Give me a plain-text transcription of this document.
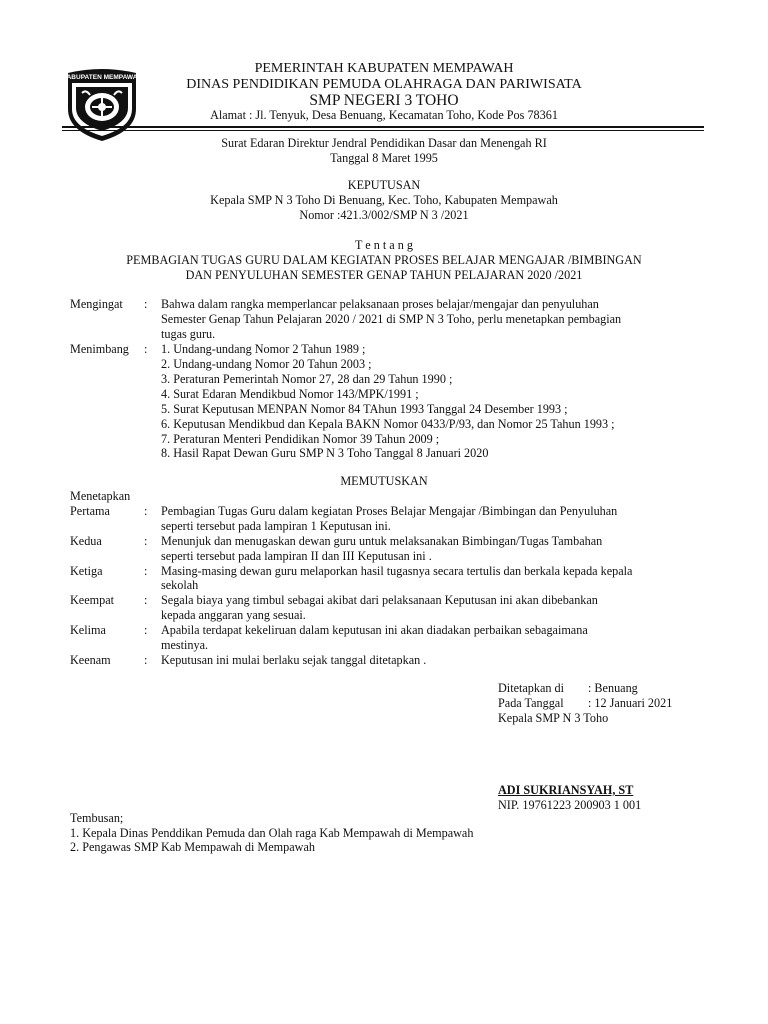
KABUPATEN MEMPAWAH
PEMERINTAH KABUPATEN MEMPAWAH
DINAS PENDIDIKAN PEMUDA OLAHRAGA DAN PARIWISATA
SMP NEGERI 3 TOHO
Alamat : Jl. Tenyuk, Desa Benuang, Kecamatan Toho, Kode Pos 78361
Surat Edaran Direktur Jendral Pendidikan Dasar dan Menengah RI
Tanggal 8 Maret 1995
KEPUTUSAN
Kepala SMP N 3 Toho Di Benuang, Kec. Toho, Kabupaten Mempawah
Nomor :421.3/002/SMP N 3 /2021
T e n t a n g
PEMBAGIAN TUGAS GURU DALAM KEGIATAN PROSES BELAJAR MENGAJAR /BIMBINGAN
DAN PENYULUHAN SEMESTER GENAP TAHUN PELAJARAN 2020 /2021
Mengingat : Bahwa dalam rangka memperlancar pelaksanaan proses belajar/mengajar dan penyuluhan
Semester Genap Tahun Pelajaran 2020 / 2021 di SMP N 3 Toho, perlu menetapkan pembagian
tugas guru.
Menimbang : 1. Undang-undang Nomor 2 Tahun 1989 ;
2. Undang-undang Nomor 20 Tahun 2003 ;
3. Peraturan Pemerintah Nomor 27, 28 dan 29 Tahun 1990 ;
4. Surat Edaran Mendikbud Nomor 143/MPK/1991 ;
5. Surat Keputusan MENPAN Nomor 84 TAhun 1993 Tanggal 24 Desember 1993 ;
6. Keputusan Mendikbud dan Kepala BAKN Nomor 0433/P/93, dan Nomor 25 Tahun 1993 ;
7. Peraturan Menteri Pendidikan Nomor 39 Tahun 2009 ;
8. Hasil Rapat Dewan Guru SMP N 3 Toho Tanggal 8 Januari 2020
MEMUTUSKAN
Menetapkan
Pertama	: Pembagian Tugas Guru dalam kegiatan Proses Belajar Mengajar /Bimbingan dan Penyuluhan
seperti tersebut pada lampiran 1 Keputusan ini.
Kedua	: Menunjuk dan menugaskan dewan guru untuk melaksanakan Bimbingan/Tugas Tambahan
seperti tersebut pada lampiran II dan III Keputusan ini .
Ketiga	: Masing-masing dewan guru melaporkan hasil tugasnya secara tertulis dan berkala kepada kepala
sekolah
Keempat : Segala biaya yang timbul sebagai akibat dari pelaksanaan Keputusan ini akan dibebankan
kepada anggaran yang sesuai.
Kelima	: Apabila terdapat kekeliruan dalam keputusan ini akan diadakan perbaikan sebagaimana
mestinya.
Keenam	: Keputusan ini mulai berlaku sejak tanggal ditetapkan .
Ditetapkan di : Benuang
Pada Tanggal : 12 Januari 2021
Kepala SMP N 3 Toho
ADI SUKRIANSYAH, ST
NIP. 19761223 200903 1 001
Tembusan;
1. Kepala Dinas Penddikan Pemuda dan Olah raga Kab Mempawah di Mempawah
2. Pengawas SMP Kab Mempawah di Mempawah
